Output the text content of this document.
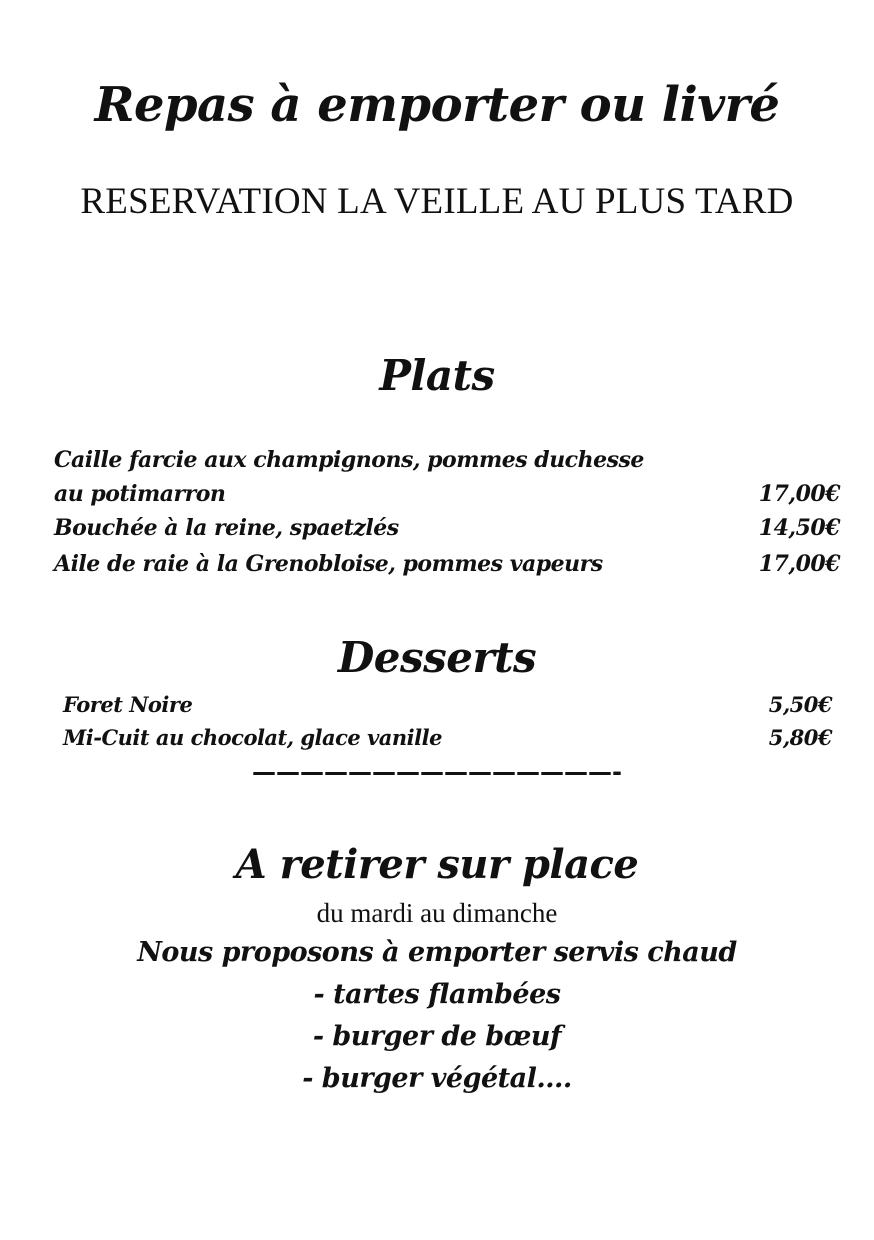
Repas à emporter ou livré
RESERVATION LA VEILLE AU PLUS TARD
Plats
Caille farcie aux champignons, pommes duchesse
au potimarron	17,00€
Bouchée à la reine, spaetzlés	14,50€
Aile de raie à la Grenobloise, pommes vapeurs	17,00€
Desserts
Foret Noire	5,50€
Mi-Cuit au chocolat, glace vanille	5,80€
———————————————-
A retirer sur place
du mardi au dimanche
Nous proposons à emporter servis chaud
- tartes flambées
- burger de bœuf
- burger végétal….
